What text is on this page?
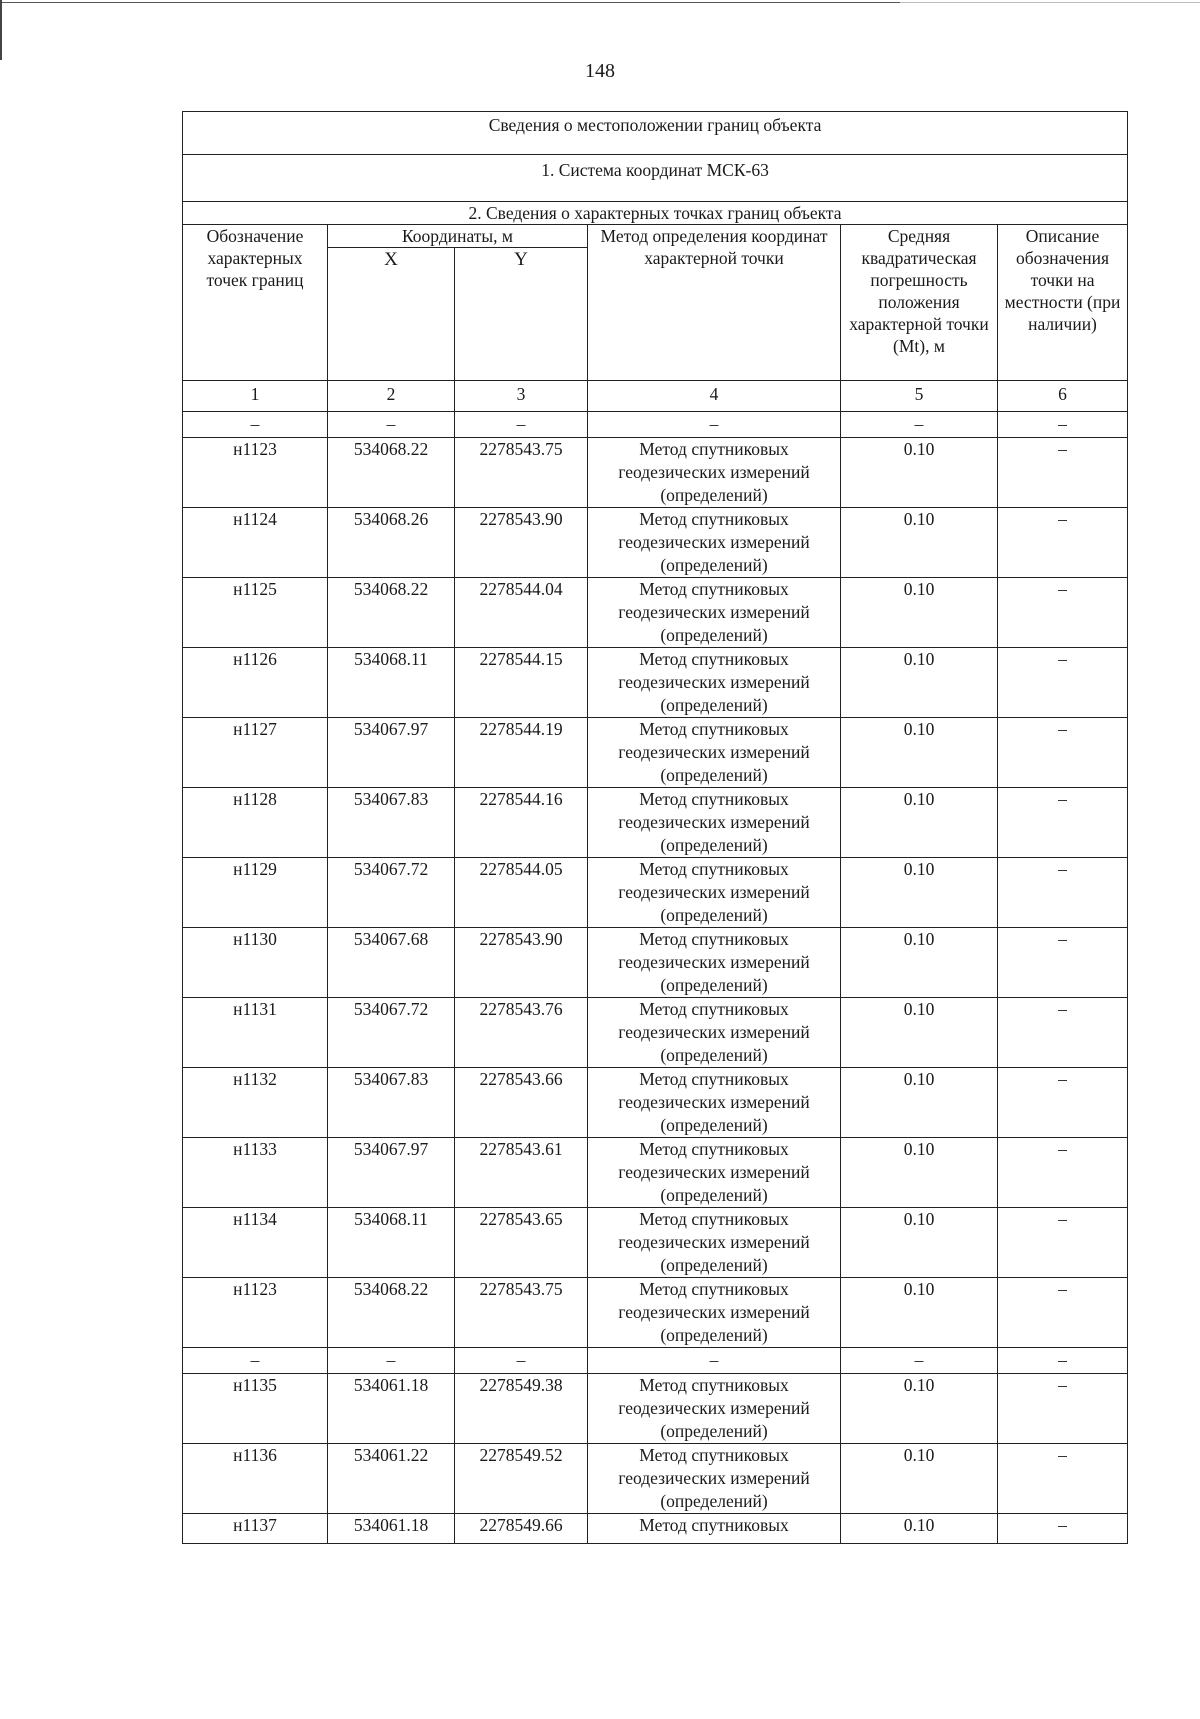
148
Сведения о местоположении границ объекта					
1. Система координат МСК-63					
2. Сведения о характерных точках границ объекта					
Обозначение характерных точек границ	Координаты, м		Метод определения координат характерной точки	Средняя квадратическая погрешность положения характерной точки (Mt), м	Описание обозначения точки на местности (при наличии)
	X	Y			
1	2	3	4	5	6
–	–	–	–	–	–
н1123	534068.22	2278543.75	Метод спутниковых геодезических измерений (определений)	0.10	–
н1124	534068.26	2278543.90	Метод спутниковых геодезических измерений (определений)	0.10	–
н1125	534068.22	2278544.04	Метод спутниковых геодезических измерений (определений)	0.10	–
н1126	534068.11	2278544.15	Метод спутниковых геодезических измерений (определений)	0.10	–
н1127	534067.97	2278544.19	Метод спутниковых геодезических измерений (определений)	0.10	–
н1128	534067.83	2278544.16	Метод спутниковых геодезических измерений (определений)	0.10	–
н1129	534067.72	2278544.05	Метод спутниковых геодезических измерений (определений)	0.10	–
н1130	534067.68	2278543.90	Метод спутниковых геодезических измерений (определений)	0.10	–
н1131	534067.72	2278543.76	Метод спутниковых геодезических измерений (определений)	0.10	–
н1132	534067.83	2278543.66	Метод спутниковых геодезических измерений (определений)	0.10	–
н1133	534067.97	2278543.61	Метод спутниковых геодезических измерений (определений)	0.10	–
н1134	534068.11	2278543.65	Метод спутниковых геодезических измерений (определений)	0.10	–
н1123	534068.22	2278543.75	Метод спутниковых геодезических измерений (определений)	0.10	–
–	–	–	–	–	–
н1135	534061.18	2278549.38	Метод спутниковых геодезических измерений (определений)	0.10	–
н1136	534061.22	2278549.52	Метод спутниковых геодезических измерений (определений)	0.10	–
н1137	534061.18	2278549.66	Метод спутниковых	0.10	–
